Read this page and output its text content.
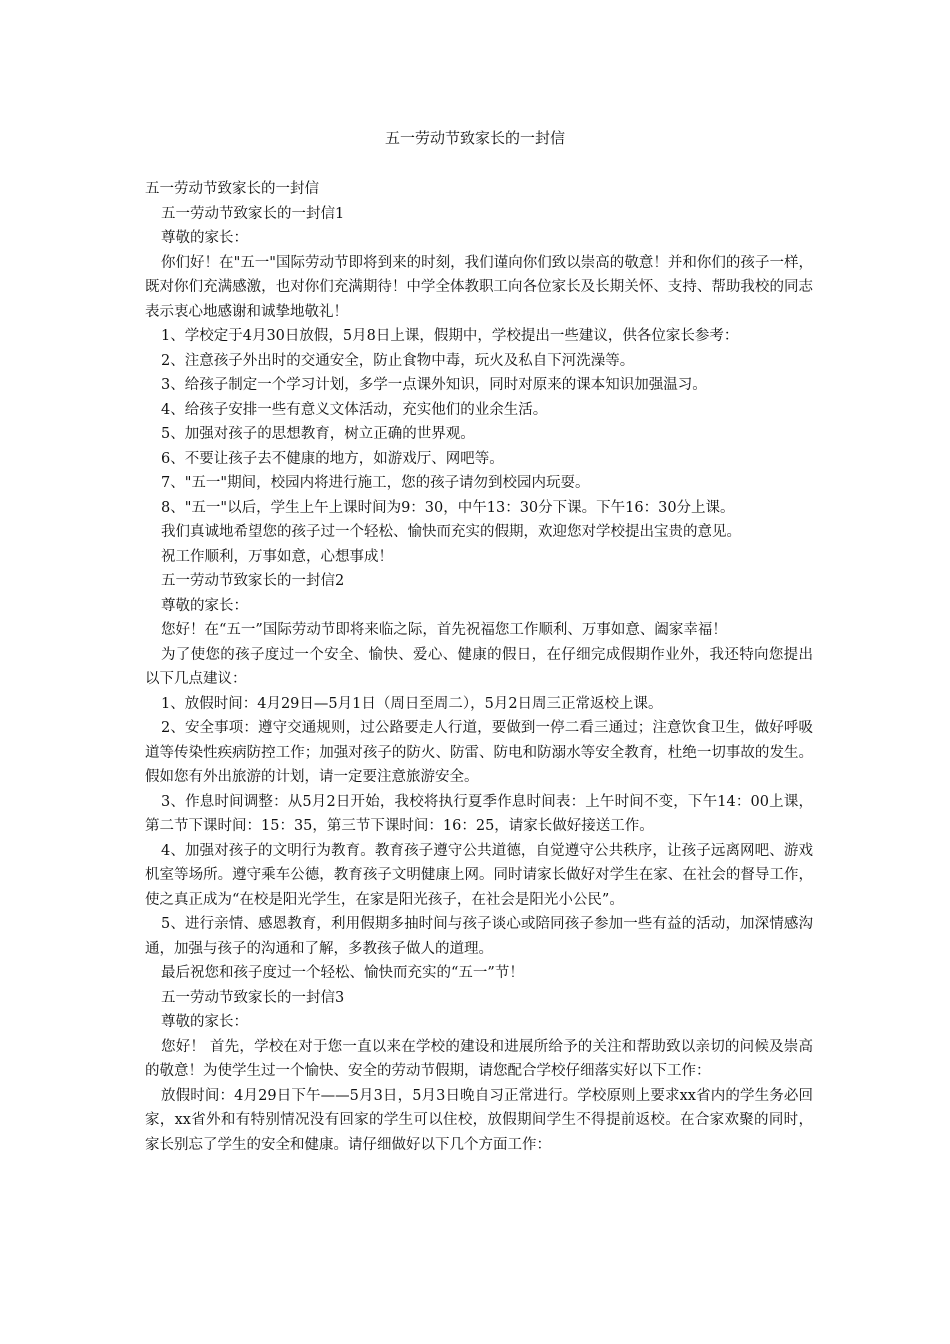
五一劳动节致家长的一封信

五一劳动节致家长的一封信

五一劳动节致家长的一封信1

尊敬的家长：

你们好！在"五一"国际劳动节即将到来的时刻，我们谨向你们致以崇高的敬意！并和你们的孩子一样，既对你们充满感激，也对你们充满期待！中学全体教职工向各位家长及长期关怀、支持、帮助我校的同志表示衷心地感谢和诚挚地敬礼！

1、学校定于4月30日放假，5月8日上课，假期中，学校提出一些建议，供各位家长参考：

2、注意孩子外出时的交通安全，防止食物中毒，玩火及私自下河洗澡等。

3、给孩子制定一个学习计划，多学一点课外知识，同时对原来的课本知识加强温习。

4、给孩子安排一些有意义文体活动，充实他们的业余生活。

5、加强对孩子的思想教育，树立正确的世界观。

6、不要让孩子去不健康的地方，如游戏厅、网吧等。

7、"五一"期间，校园内将进行施工，您的孩子请勿到校园内玩耍。

8、"五一"以后，学生上午上课时间为9：30，中午13：30分下课。下午16：30分上课。

我们真诚地希望您的孩子过一个轻松、愉快而充实的假期，欢迎您对学校提出宝贵的意见。

祝工作顺利，万事如意，心想事成！

五一劳动节致家长的一封信2

尊敬的家长：

您好！在“五一”国际劳动节即将来临之际，首先祝福您工作顺利、万事如意、阖家幸福！

为了使您的孩子度过一个安全、愉快、爱心、健康的假日，在仔细完成假期作业外，我还特向您提出以下几点建议：

1、放假时间：4月29日—5月1日（周日至周二），5月2日周三正常返校上课。

2、安全事项：遵守交通规则，过公路要走人行道，要做到一停二看三通过；注意饮食卫生，做好呼吸道等传染性疾病防控工作；加强对孩子的防火、防雷、防电和防溺水等安全教育，杜绝一切事故的发生。假如您有外出旅游的计划，请一定要注意旅游安全。

3、作息时间调整：从5月2日开始，我校将执行夏季作息时间表：上午时间不变，下午14：00上课，第二节下课时间：15：35，第三节下课时间：16：25，请家长做好接送工作。

4、加强对孩子的文明行为教育。教育孩子遵守公共道德，自觉遵守公共秩序，让孩子远离网吧、游戏机室等场所。遵守乘车公德，教育孩子文明健康上网。同时请家长做好对学生在家、在社会的督导工作，使之真正成为“在校是阳光学生，在家是阳光孩子，在社会是阳光小公民”。

5、进行亲情、感恩教育，利用假期多抽时间与孩子谈心或陪同孩子参加一些有益的活动，加深情感沟通，加强与孩子的沟通和了解，多教孩子做人的道理。

最后祝您和孩子度过一个轻松、愉快而充实的“五一”节！

五一劳动节致家长的一封信3

尊敬的家长：

您好！ 首先，学校在对于您一直以来在学校的建设和进展所给予的关注和帮助致以亲切的问候及崇高的敬意！为使学生过一个愉快、安全的劳动节假期，请您配合学校仔细落实好以下工作：

放假时间：4月29日下午——5月3日，5月3日晚自习正常进行。学校原则上要求xx省内的学生务必回家，xx省外和有特别情况没有回家的学生可以住校，放假期间学生不得提前返校。在合家欢聚的同时，家长别忘了学生的安全和健康。请仔细做好以下几个方面工作：
